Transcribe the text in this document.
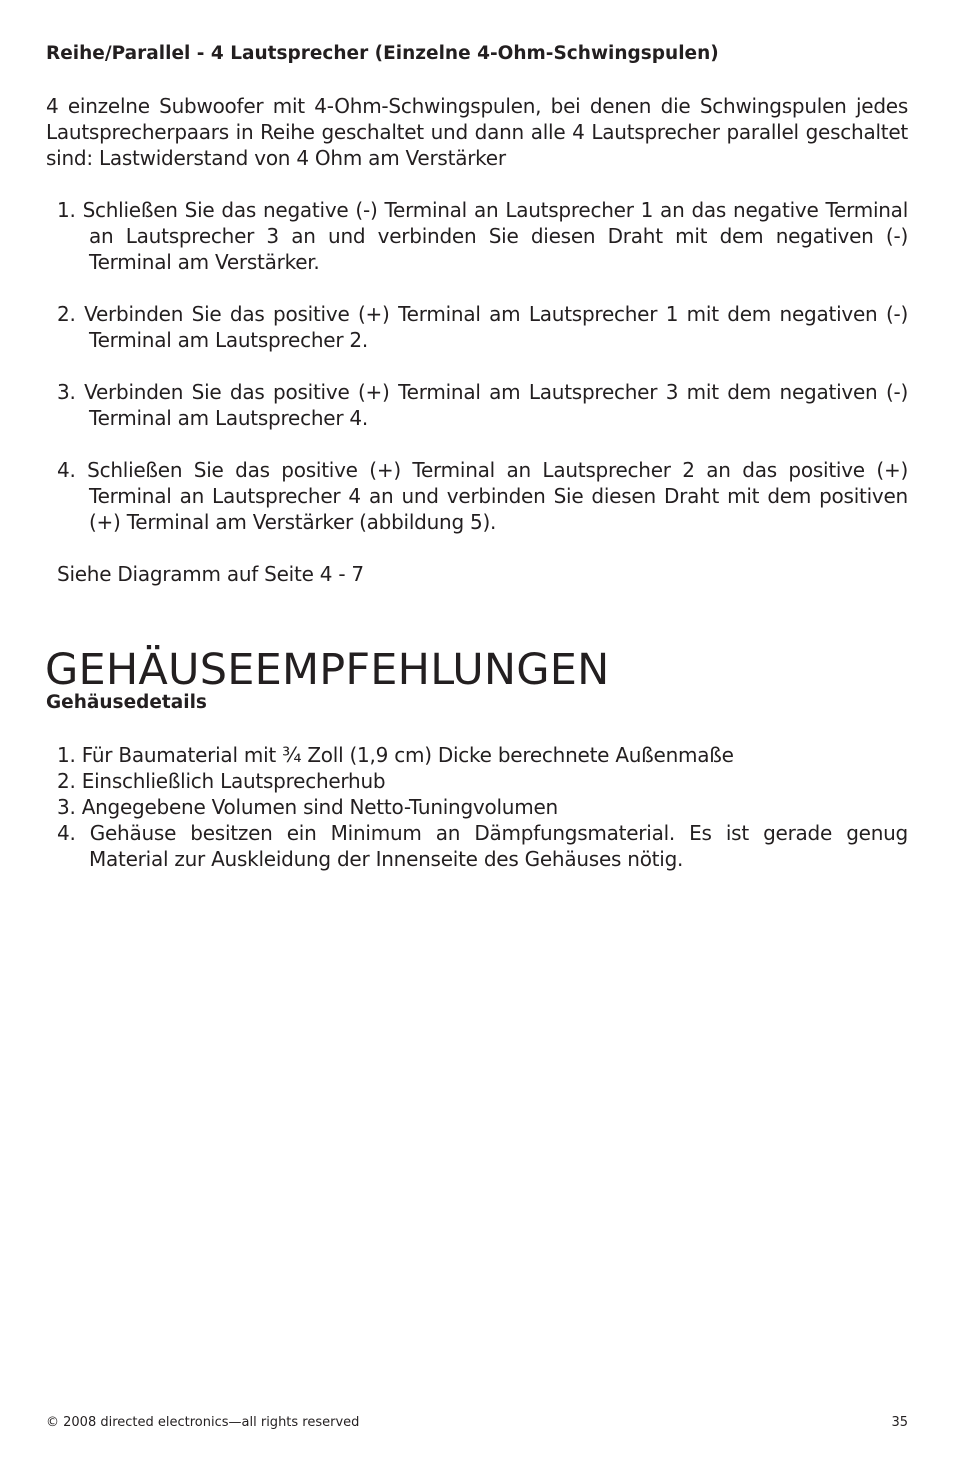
Reihe/Parallel - 4 Lautsprecher (Einzelne 4-Ohm-Schwingspulen)
4 einzelne Subwoofer mit 4-Ohm-Schwingspulen, bei denen die Schwingspulen jedes Lautsprecherpaars in Reihe geschaltet und dann alle 4 Lautsprecher parallel geschaltet sind: Lastwiderstand von 4 Ohm am Verstärker
1. Schließen Sie das negative (-) Terminal an Lautsprecher 1 an das negative Terminal an Lautsprecher 3 an und verbinden Sie diesen Draht mit dem negativen (-) Terminal am Verstärker.
2. Verbinden Sie das positive (+) Terminal am Lautsprecher 1 mit dem negativen (-) Terminal am Lautsprecher 2.
3. Verbinden Sie das positive (+) Terminal am Lautsprecher 3 mit dem negativen (-) Terminal am Lautsprecher 4.
4. Schließen Sie das positive (+) Terminal an Lautsprecher 2 an das positive (+) Terminal an Lautsprecher 4 an und verbinden Sie diesen Draht mit dem positiven (+) Terminal am Verstärker (abbildung 5).
Siehe Diagramm auf Seite 4 - 7
GEHÄUSEEMPFEHLUNGEN
Gehäusedetails
1. Für Baumaterial mit ¾ Zoll (1,9 cm) Dicke berechnete Außenmaße
2. Einschließlich Lautsprecherhub
3. Angegebene Volumen sind Netto-Tuningvolumen
4. Gehäuse besitzen ein Minimum an Dämpfungsmaterial. Es ist gerade genug Material zur Auskleidung der Innenseite des Gehäuses nötig.
© 2008 directed electronics—all rights reserved	35
